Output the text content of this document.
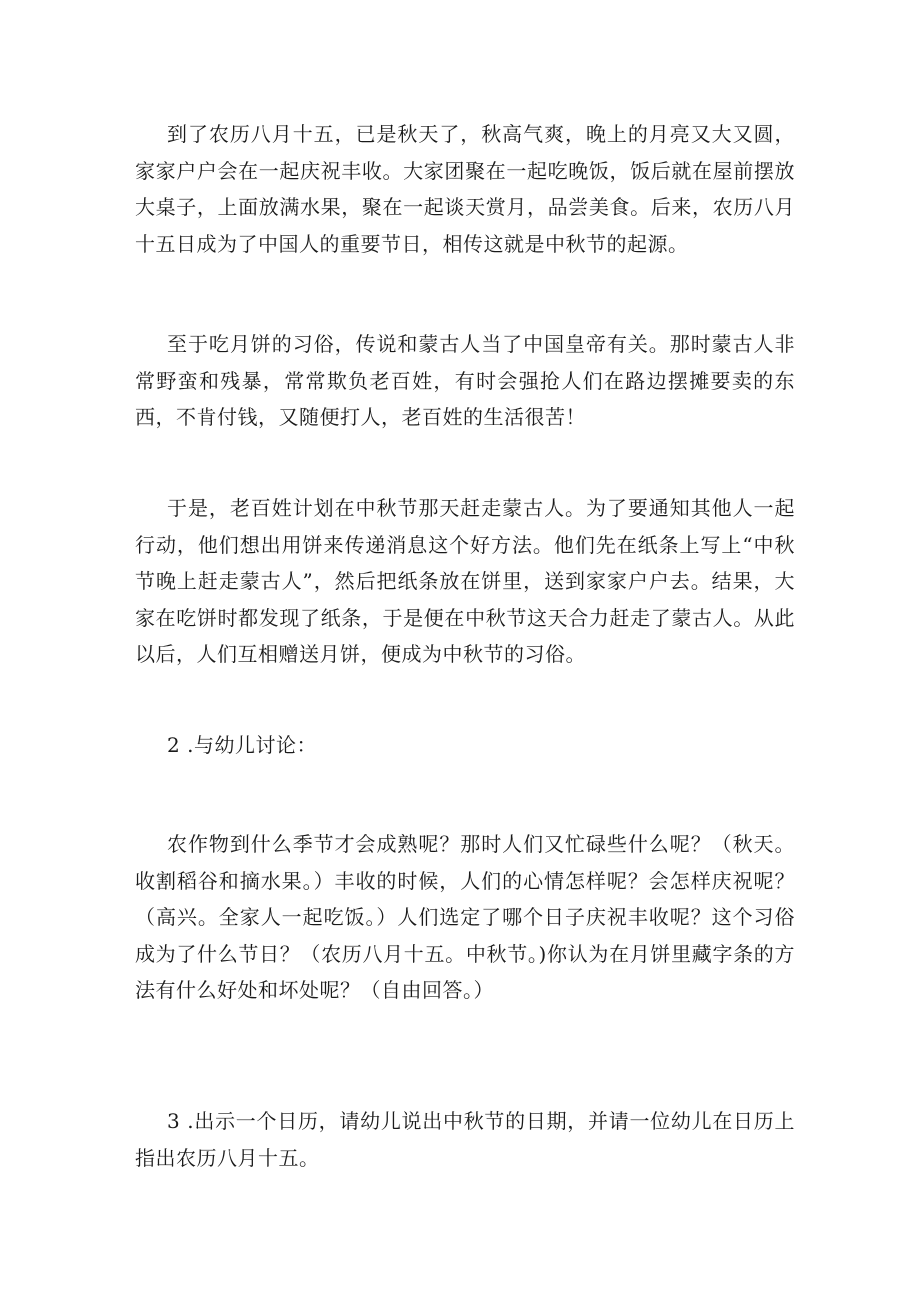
到了农历八月十五，已是秋天了，秋高气爽，晚上的月亮又大又圆，家家户户会在一起庆祝丰收。大家团聚在一起吃晚饭，饭后就在屋前摆放大桌子，上面放满水果，聚在一起谈天赏月，品尝美食。后来，农历八月十五日成为了中国人的重要节日，相传这就是中秋节的起源。

至于吃月饼的习俗，传说和蒙古人当了中国皇帝有关。那时蒙古人非常野蛮和残暴，常常欺负老百姓，有时会强抢人们在路边摆摊要卖的东西，不肯付钱，又随便打人，老百姓的生活很苦！

于是，老百姓计划在中秋节那天赶走蒙古人。为了要通知其他人一起行动，他们想出用饼来传递消息这个好方法。他们先在纸条上写上“中秋节晚上赶走蒙古人”，然后把纸条放在饼里，送到家家户户去。结果，大家在吃饼时都发现了纸条，于是便在中秋节这天合力赶走了蒙古人。从此以后，人们互相赠送月饼，便成为中秋节的习俗。

2 .与幼儿讨论：

农作物到什么季节才会成熟呢？那时人们又忙碌些什么呢？（秋天。收割稻谷和摘水果。）丰收的时候，人们的心情怎样呢？会怎样庆祝呢？（高兴。全家人一起吃饭。）人们选定了哪个日子庆祝丰收呢？这个习俗成为了什么节日？（农历八月十五。中秋节。)你认为在月饼里藏字条的方法有什么好处和坏处呢？（自由回答。）

3 .出示一个日历，请幼儿说出中秋节的日期，并请一位幼儿在日历上指出农历八月十五。
